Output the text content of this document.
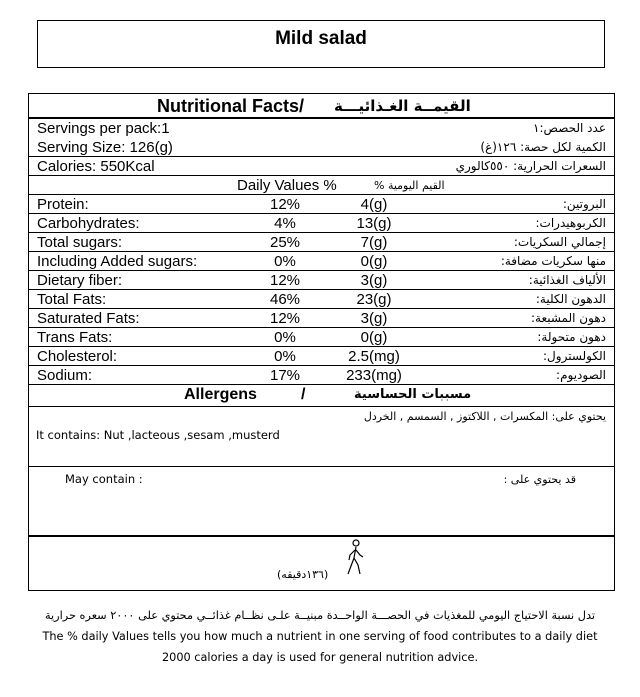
Mild salad
Nutritional Facts/ القيمــة الغـذائيـــة
Servings per pack:1	عدد الحصص:١
Serving Size: 126(g)	الكمية لكل حصة: ١٢٦(غ)
Calories: 550Kcal	السعرات الحرارية: ٥٥٠كالوري
Daily Values %	القيم اليومية %
Protein:	12%	4(g)	البروتين:
Carbohydrates:	4%	13(g)	الكربوهيدرات:
Total sugars:	25%	7(g)	إجمالي السكريات:
Including Added sugars:	0%	0(g)	منها سكريات مضافة:
Dietary fiber:	12%	3(g)	الألياف الغذائية:
Total Fats:	46%	23(g)	الدهون الكلية:
Saturated Fats:	12%	3(g)	دهون المشبعة:
Trans Fats:	0%	0(g)	دهون متحولة:
Cholesterol:	0%	2.5(mg)	الكولسترول:
Sodium:	17%	233(mg)	الصوديوم:
Allergens	/	مسببات الحساسية
يحتوي على: المكسرات , اللاكتوز , السمسم , الخردل
It contains: Nut ,lacteous ,sesam ,musterd
May contain :	قد يحتوي على :
(١٣٦دقيقه)
تدل نسبة الاحتياج اليومي للمغذيات في الحصـــة الواحــدة مبنيــة علـى نظــام غذائــي محتوي على ٢٠٠٠ سعره حرارية
The % daily Values tells you how much a nutrient in one serving of food contributes to a daily diet
2000 calories a day is used for general nutrition advice.
